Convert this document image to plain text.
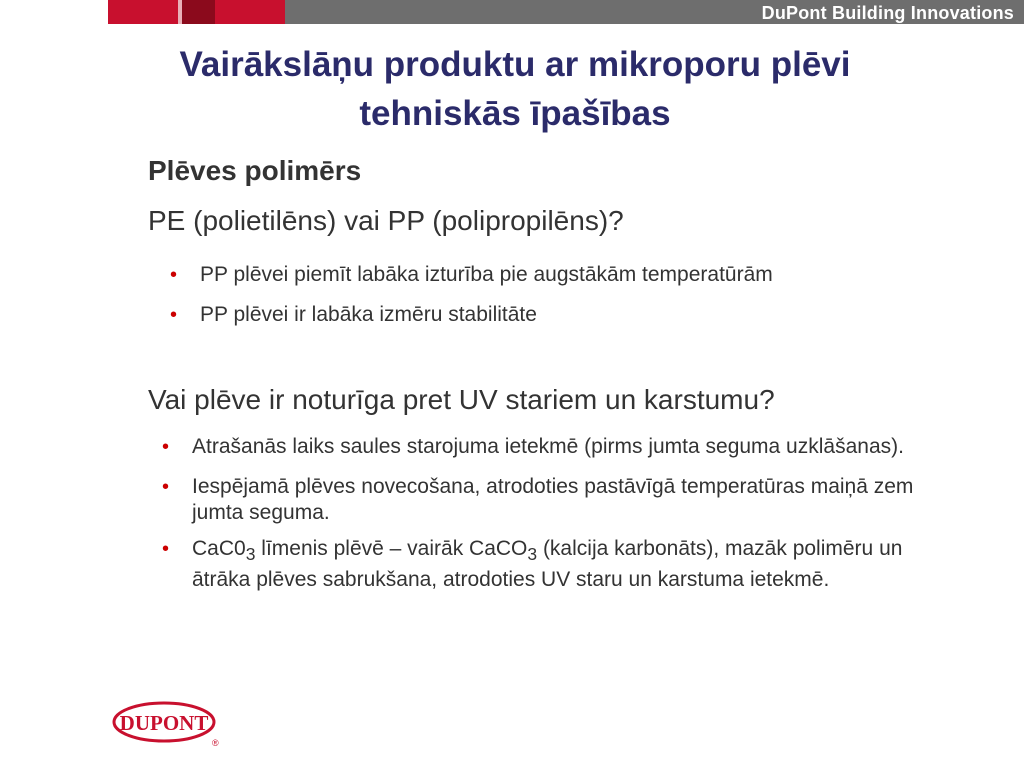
DuPont Building Innovations
Vairākslāņu produktu ar mikroporu plēvi
tehniskās īpašības
Plēves polimērs
PE (polietilēns) vai PP (polipropilēns)?
• PP plēvei piemīt labāka izturība pie augstākām temperatūrām
• PP plēvei ir labāka izmēru stabilitāte
Vai plēve ir noturīga pret UV stariem un karstumu?
• Atrašanās laiks saules starojuma ietekmē (pirms jumta seguma uzklāšanas).
• Iespējamā plēves novecošana, atrodoties pastāvīgā temperatūras maiņā zem jumta seguma.
• $CaC0_3$ līmenis plēvē – vairāk CaCO$_3$ (kalcija karbonāts), mazāk polimēru un ātrāka plēves sabrukšana, atrodoties UV staru un karstuma ietekmē.
DUPONT
®
